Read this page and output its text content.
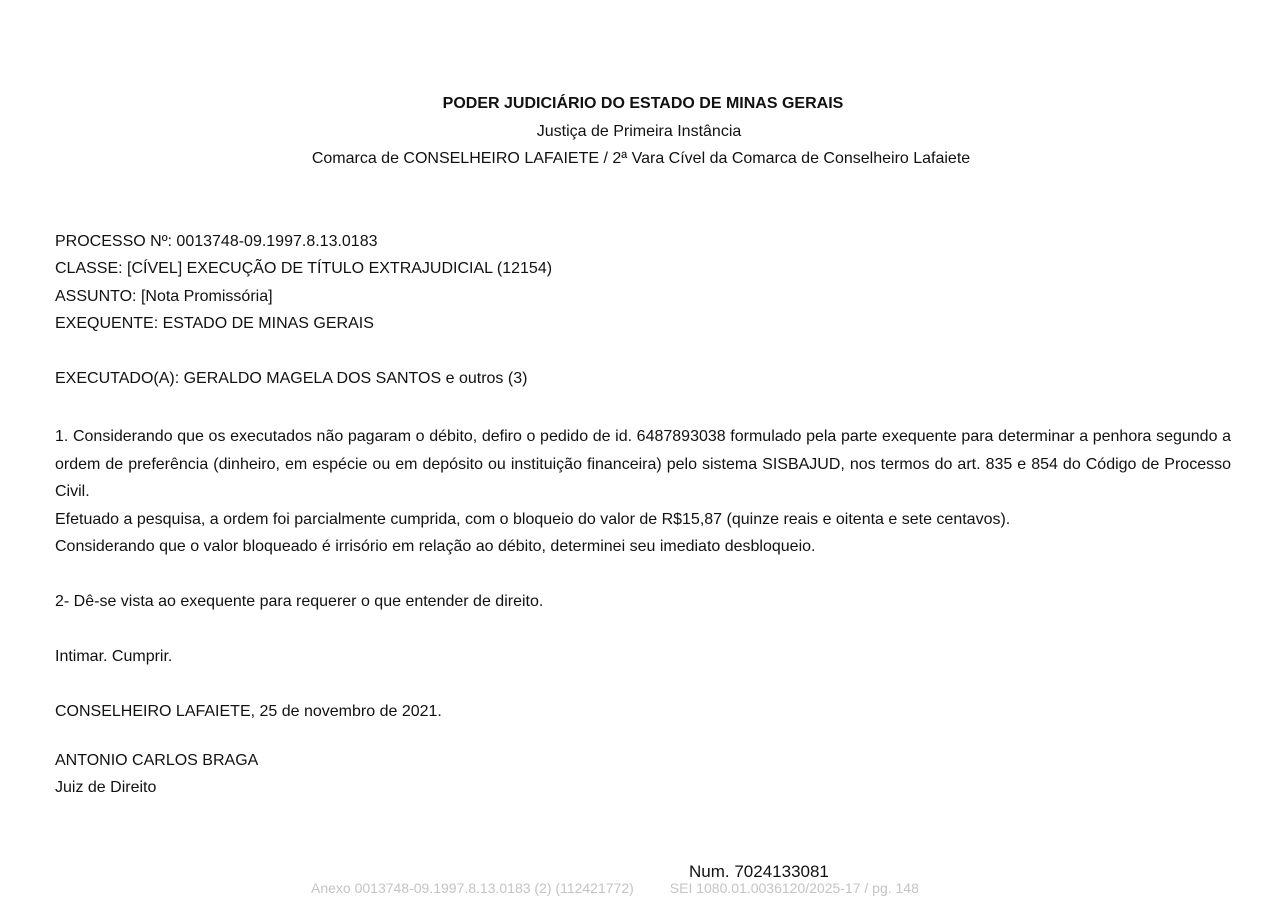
PODER JUDICIÁRIO DO ESTADO DE MINAS GERAIS
Justiça de Primeira Instância
Comarca de CONSELHEIRO LAFAIETE / 2ª Vara Cível da Comarca de Conselheiro Lafaiete
PROCESSO Nº: 0013748-09.1997.8.13.0183
CLASSE: [CÍVEL] EXECUÇÃO DE TÍTULO EXTRAJUDICIAL (12154)
ASSUNTO: [Nota Promissória]
EXEQUENTE: ESTADO DE MINAS GERAIS
EXECUTADO(A): GERALDO MAGELA DOS SANTOS e outros (3)
1. Considerando que os executados não pagaram o débito, defiro o pedido de id. 6487893038 formulado pela parte exequente para determinar a penhora segundo a ordem de preferência (dinheiro, em espécie ou em depósito ou instituição financeira) pelo sistema SISBAJUD, nos termos do art. 835 e 854 do Código de Processo Civil.
Efetuado a pesquisa, a ordem foi parcialmente cumprida, com o bloqueio do valor de R$15,87 (quinze reais e oitenta e sete centavos).
Considerando que o valor bloqueado é irrisório em relação ao débito, determinei seu imediato desbloqueio.
2- Dê-se vista ao exequente para requerer o que entender de direito.
Intimar. Cumprir.
CONSELHEIRO LAFAIETE, 25 de novembro de 2021.
ANTONIO CARLOS BRAGA
Juiz de Direito
Num. 7024133081
Anexo 0013748-09.1997.8.13.0183 (2) (112421772)	SEI 1080.01.0036120/2025-17 / pg. 148
